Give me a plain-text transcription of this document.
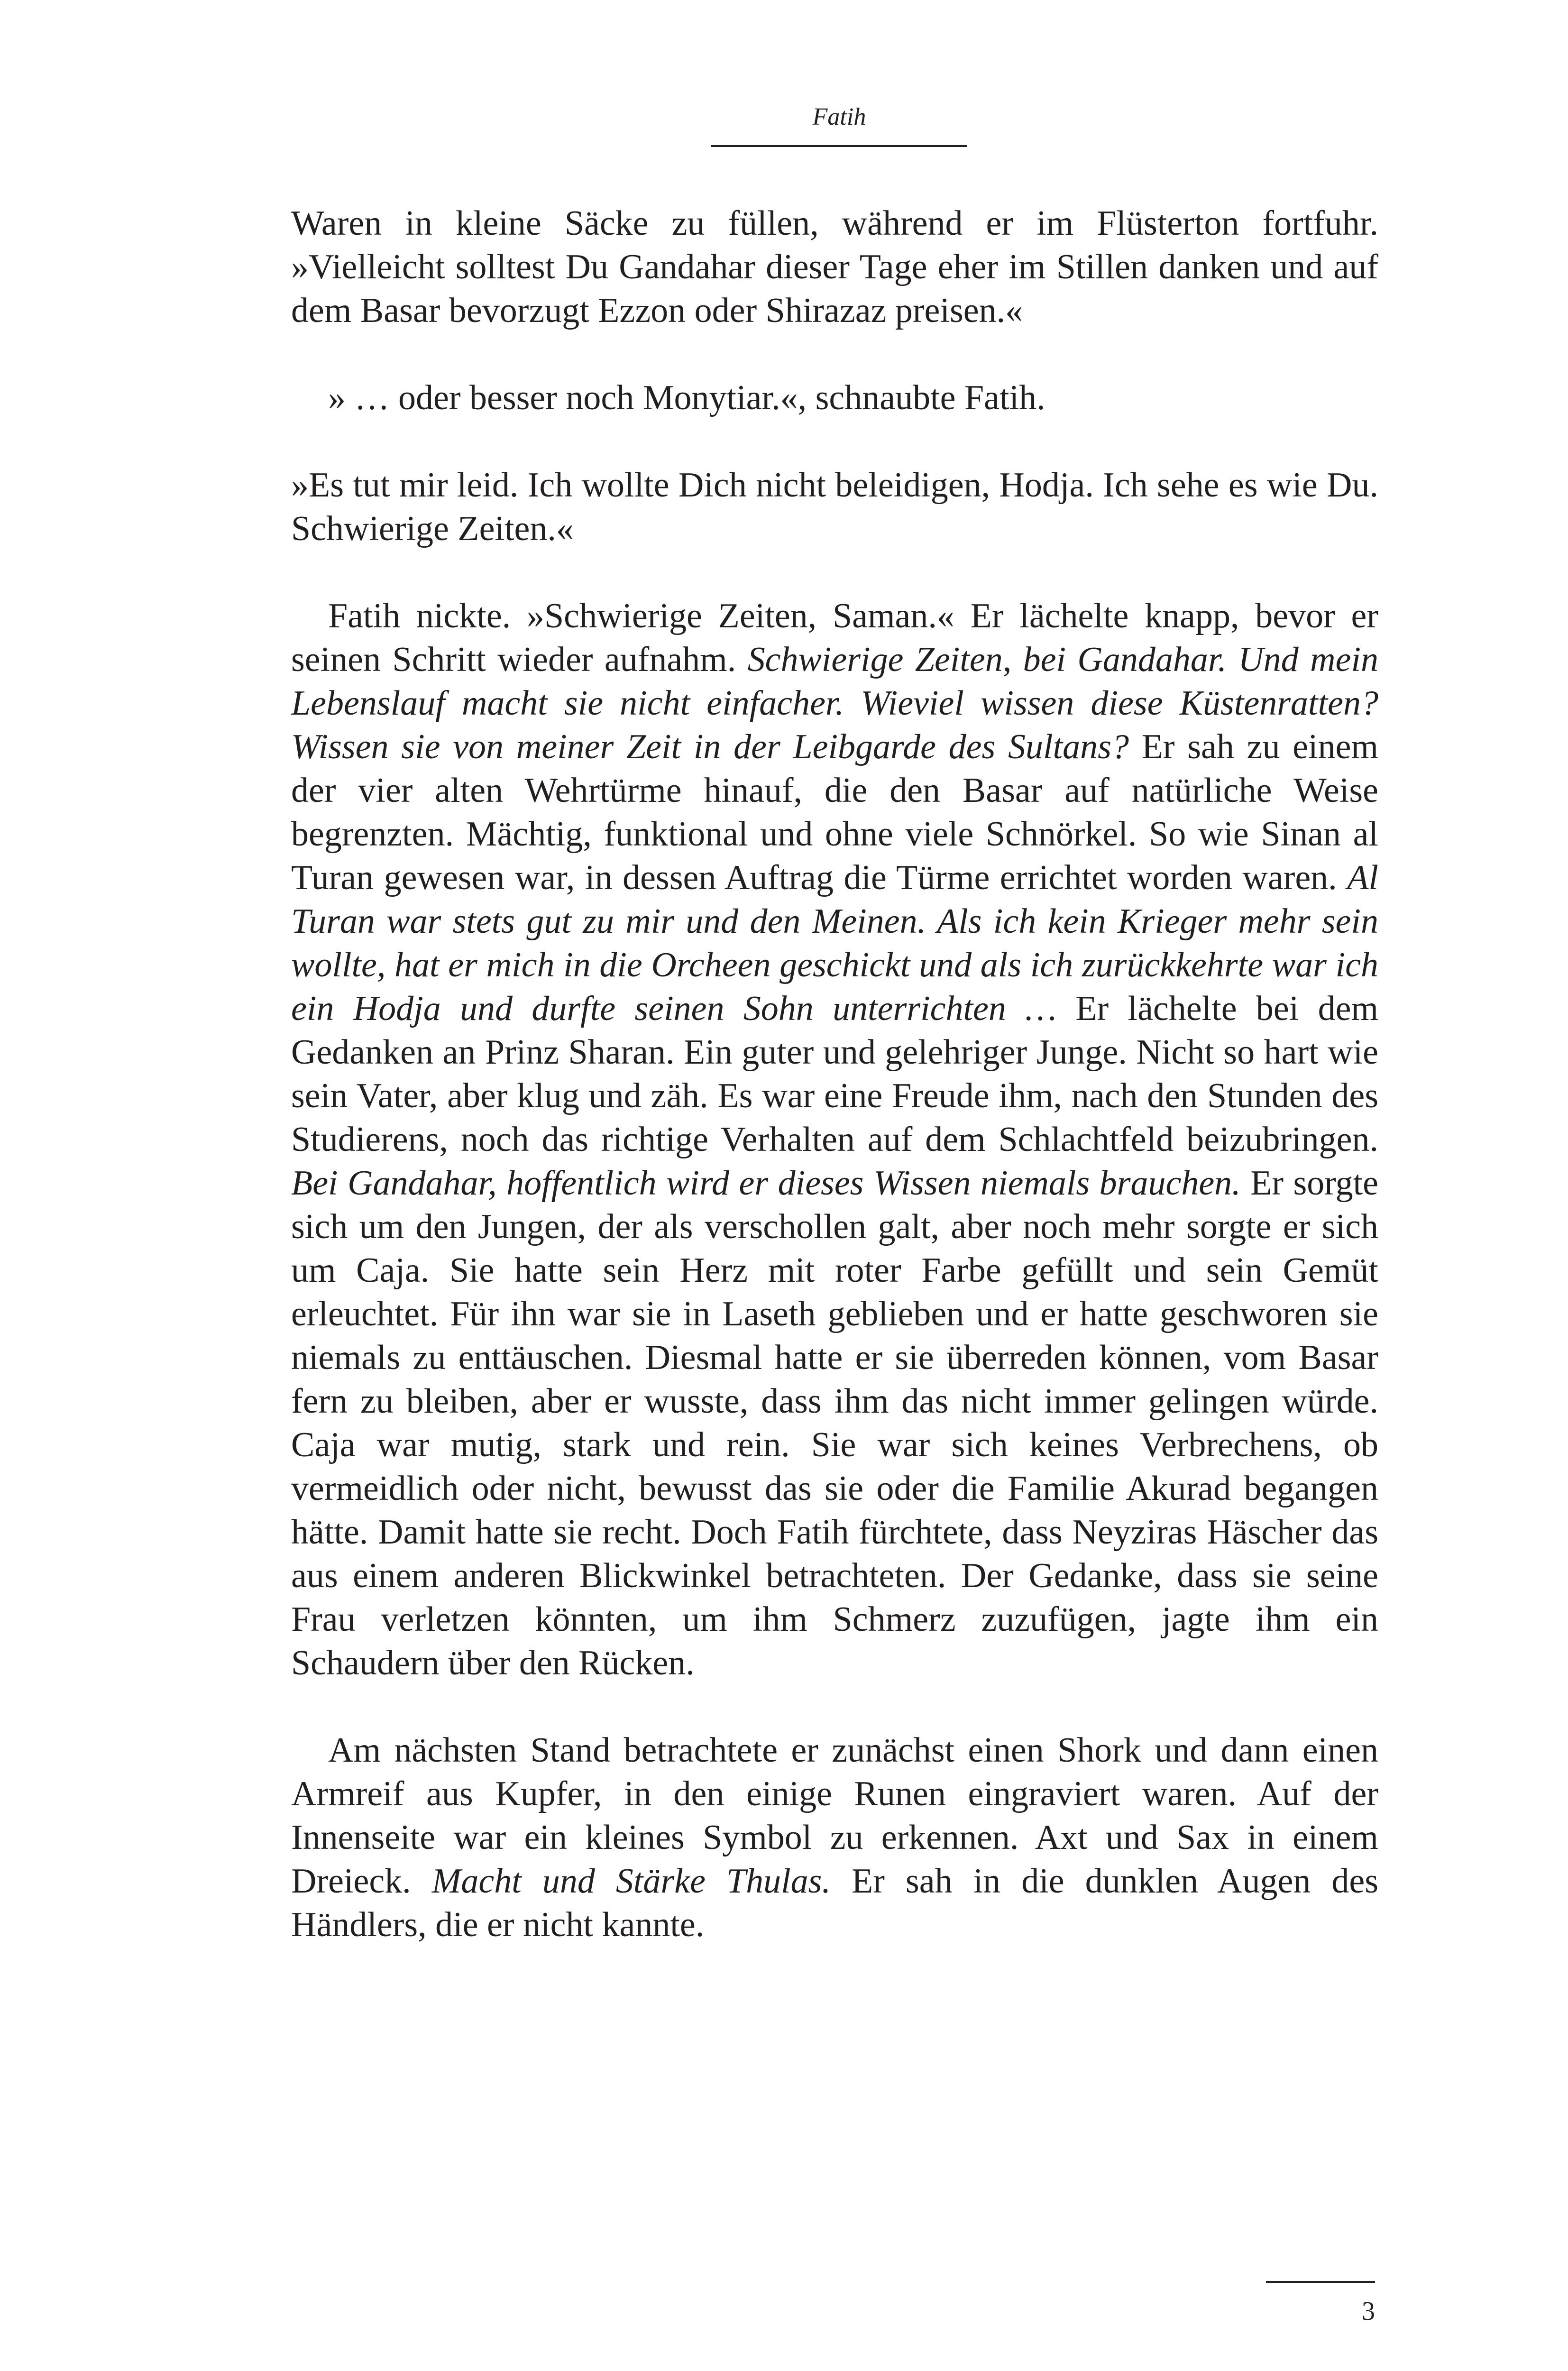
Fatih

Waren in kleine Säcke zu füllen, während er im Flüsterton fortfuhr. »Vielleicht solltest Du Gandahar dieser Tage eher im Stillen danken und auf dem Basar bevorzugt Ezzon oder Shirazaz preisen.«

» … oder besser noch Monytiar.«, schnaubte Fatih.

»Es tut mir leid. Ich wollte Dich nicht beleidigen, Hodja. Ich sehe es wie Du. Schwierige Zeiten.«

Fatih nickte. »Schwierige Zeiten, Saman.« Er lächelte knapp, bevor er seinen Schritt wieder aufnahm. Schwierige Zeiten, bei Gandahar. Und mein Lebenslauf macht sie nicht einfacher. Wieviel wissen diese Küstenratten? Wissen sie von meiner Zeit in der Leibgarde des Sultans? Er sah zu einem der vier alten Wehrtürme hinauf, die den Basar auf natürliche Weise begrenzten. Mächtig, funktional und ohne viele Schnörkel. So wie Sinan al Turan gewesen war, in dessen Auftrag die Türme errichtet worden waren. Al Turan war stets gut zu mir und den Meinen. Als ich kein Krieger mehr sein wollte, hat er mich in die Orcheen geschickt und als ich zurückkehrte war ich ein Hodja und durfte seinen Sohn unterrichten … Er lächelte bei dem Gedanken an Prinz Sharan. Ein guter und gelehriger Junge. Nicht so hart wie sein Vater, aber klug und zäh. Es war eine Freude ihm, nach den Stunden des Studierens, noch das richtige Verhalten auf dem Schlachtfeld beizubringen. Bei Gandahar, hoffentlich wird er dieses Wissen niemals brauchen. Er sorgte sich um den Jungen, der als verschollen galt, aber noch mehr sorgte er sich um Caja. Sie hatte sein Herz mit roter Farbe gefüllt und sein Gemüt erleuchtet. Für ihn war sie in Laseth geblieben und er hatte geschworen sie niemals zu enttäuschen. Diesmal hatte er sie überreden können, vom Basar fern zu bleiben, aber er wusste, dass ihm das nicht immer gelingen würde. Caja war mutig, stark und rein. Sie war sich keines Verbrechens, ob vermeidlich oder nicht, bewusst das sie oder die Familie Akurad begangen hätte. Damit hatte sie recht. Doch Fatih fürchtete, dass Neyziras Häscher das aus einem anderen Blickwinkel betrachteten. Der Gedanke, dass sie seine Frau verletzen könnten, um ihm Schmerz zuzufügen, jagte ihm ein Schaudern über den Rücken.

Am nächsten Stand betrachtete er zunächst einen Shork und dann einen Armreif aus Kupfer, in den einige Runen eingraviert waren. Auf der Innenseite war ein kleines Symbol zu erkennen. Axt und Sax in einem Dreieck. Macht und Stärke Thulas. Er sah in die dunklen Augen des Händlers, die er nicht kannte.

3
